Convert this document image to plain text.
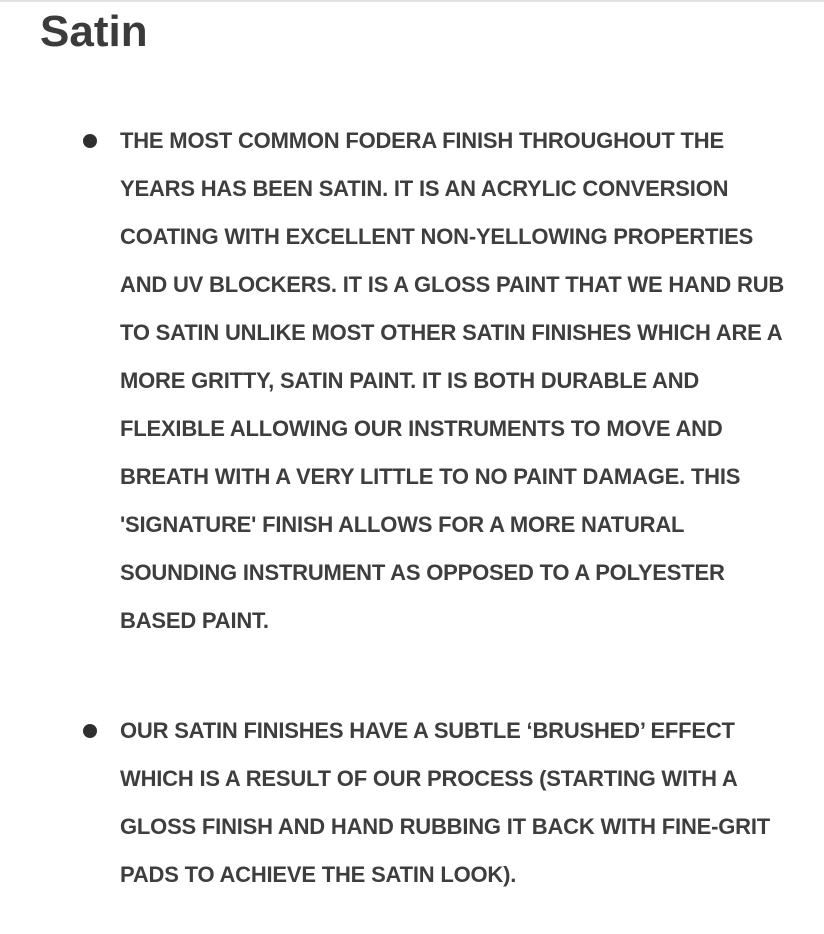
Satin

THE MOST COMMON FODERA FINISH THROUGHOUT THE YEARS HAS BEEN SATIN. IT IS AN ACRYLIC CONVERSION COATING WITH EXCELLENT NON-YELLOWING PROPERTIES AND UV BLOCKERS. IT IS A GLOSS PAINT THAT WE HAND RUB TO SATIN UNLIKE MOST OTHER SATIN FINISHES WHICH ARE A MORE GRITTY, SATIN PAINT. IT IS BOTH DURABLE AND FLEXIBLE ALLOWING OUR INSTRUMENTS TO MOVE AND BREATH WITH A VERY LITTLE TO NO PAINT DAMAGE. THIS 'SIGNATURE' FINISH ALLOWS FOR A MORE NATURAL SOUNDING INSTRUMENT AS OPPOSED TO A POLYESTER BASED PAINT.

OUR SATIN FINISHES HAVE A SUBTLE ‘BRUSHED’ EFFECT WHICH IS A RESULT OF OUR PROCESS (STARTING WITH A GLOSS FINISH AND HAND RUBBING IT BACK WITH FINE-GRIT PADS TO ACHIEVE THE SATIN LOOK).
